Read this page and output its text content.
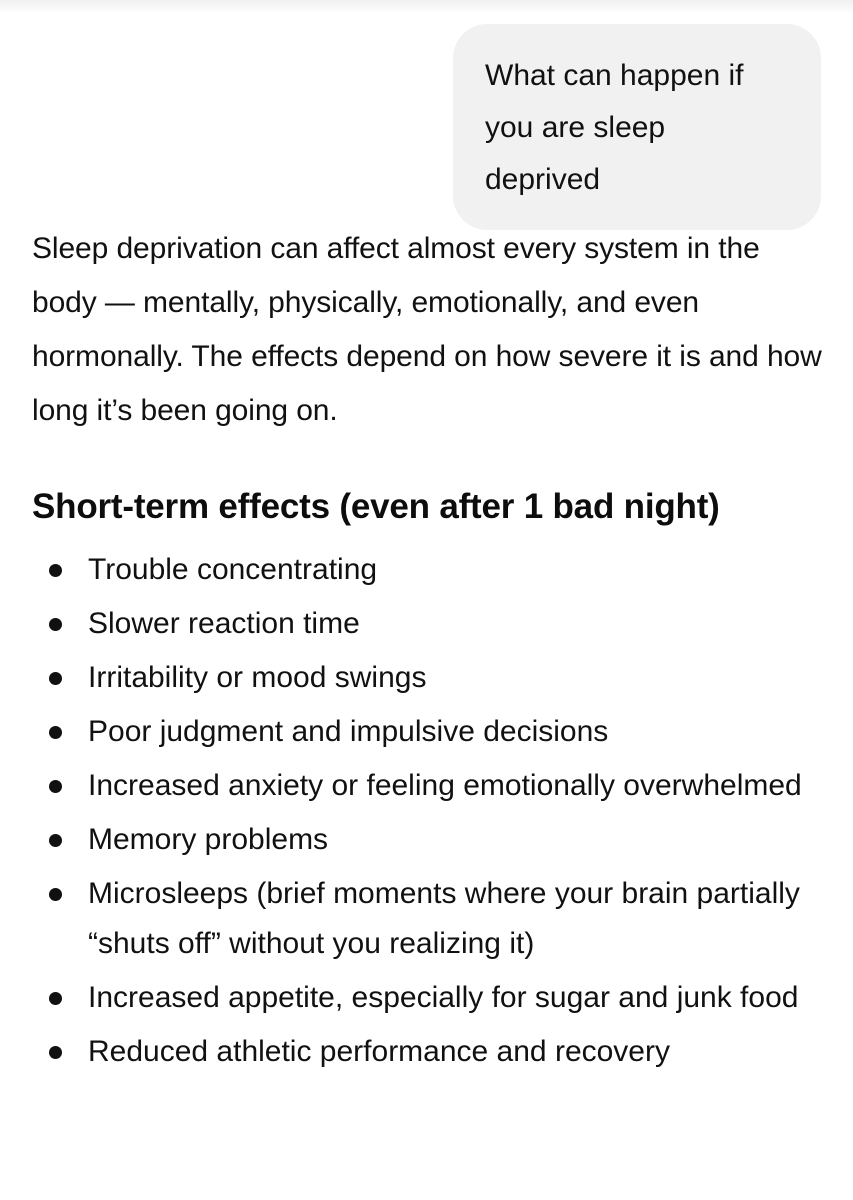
What can happen if you are sleep deprived

Sleep deprivation can affect almost every system in the body — mentally, physically, emotionally, and even hormonally. The effects depend on how severe it is and how long it’s been going on.

Short-term effects (even after 1 bad night)
Trouble concentrating
Slower reaction time
Irritability or mood swings
Poor judgment and impulsive decisions
Increased anxiety or feeling emotionally overwhelmed
Memory problems
Microsleeps (brief moments where your brain partially “shuts off” without you realizing it)
Increased appetite, especially for sugar and junk food
Reduced athletic performance and recovery
